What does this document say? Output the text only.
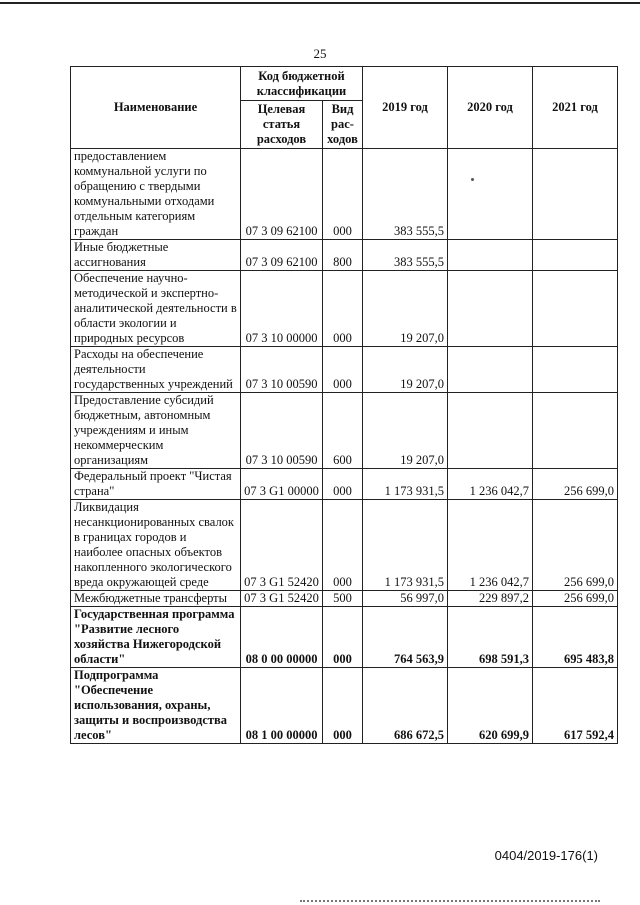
25
Наименование	Код бюджетной классификации		2019 год	2020 год	2021 год
	Целевая статья расходов	Вид рас-ходов			
предоставлением коммунальной услуги по обращению с твердыми коммунальными отходами отдельным категориям граждан	07 3 09 62100	000	383 555,5		
Иные бюджетные ассигнования	07 3 09 62100	800	383 555,5		
Обеспечение научно-методической и экспертно-аналитической деятельности в области экологии и природных ресурсов	07 3 10 00000	000	19 207,0		
Расходы на обеспечение деятельности государственных учреждений	07 3 10 00590	000	19 207,0		
Предоставление субсидий бюджетным, автономным учреждениям и иным некоммерческим организациям	07 3 10 00590	600	19 207,0		
Федеральный проект "Чистая страна"	07 3 G1 00000	000	1 173 931,5	1 236 042,7	256 699,0
Ликвидация несанкционированных свалок в границах городов и наиболее опасных объектов накопленного экологического вреда окружающей среде	07 3 G1 52420	000	1 173 931,5	1 236 042,7	256 699,0
Межбюджетные трансферты	07 3 G1 52420	500	56 997,0	229 897,2	256 699,0
Государственная программа "Развитие лесного хозяйства Нижегородской области"	08 0 00 00000	000	764 563,9	698 591,3	695 483,8
Подпрограмма "Обеспечение использования, охраны, защиты и воспроизводства лесов"	08 1 00 00000	000	686 672,5	620 699,9	617 592,4
0404/2019-176(1)
